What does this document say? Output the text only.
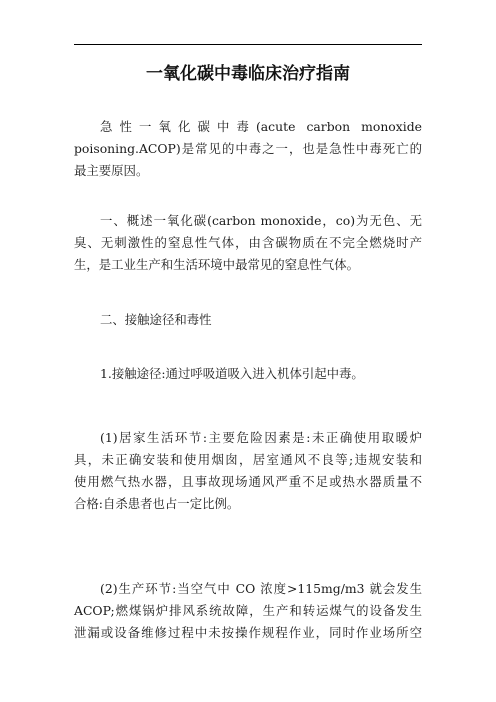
一氧化碳中毒临床治疗指南
急性一氧化碳中毒(acute carbon monoxide
poisoning.ACOP)是常见的中毒之一，也是急性中毒死亡的
最主要原因。
一、概述一氧化碳(carbon monoxide，co)为无色、无
臭、无刺激性的窒息性气体，由含碳物质在不完全燃烧时产
生，是工业生产和生活环境中最常见的窒息性气体。
二、接触途径和毒性
1.接触途径:通过呼吸道吸入进入机体引起中毒。
(1)居家生活环节:主要危险因素是:未正确使用取暖炉
具，未正确安装和使用烟囱，居室通风不良等;违规安装和
使用燃气热水器，且事故现场通风严重不足或热水器质量不
合格:自杀患者也占一定比例。
(2)生产环节:当空气中 CO 浓度>115mg/m3 就会发生
ACOP;燃煤锅炉排风系统故障，生产和转运煤气的设备发生
泄漏或设备维修过程中未按操作规程作业，同时作业场所空
